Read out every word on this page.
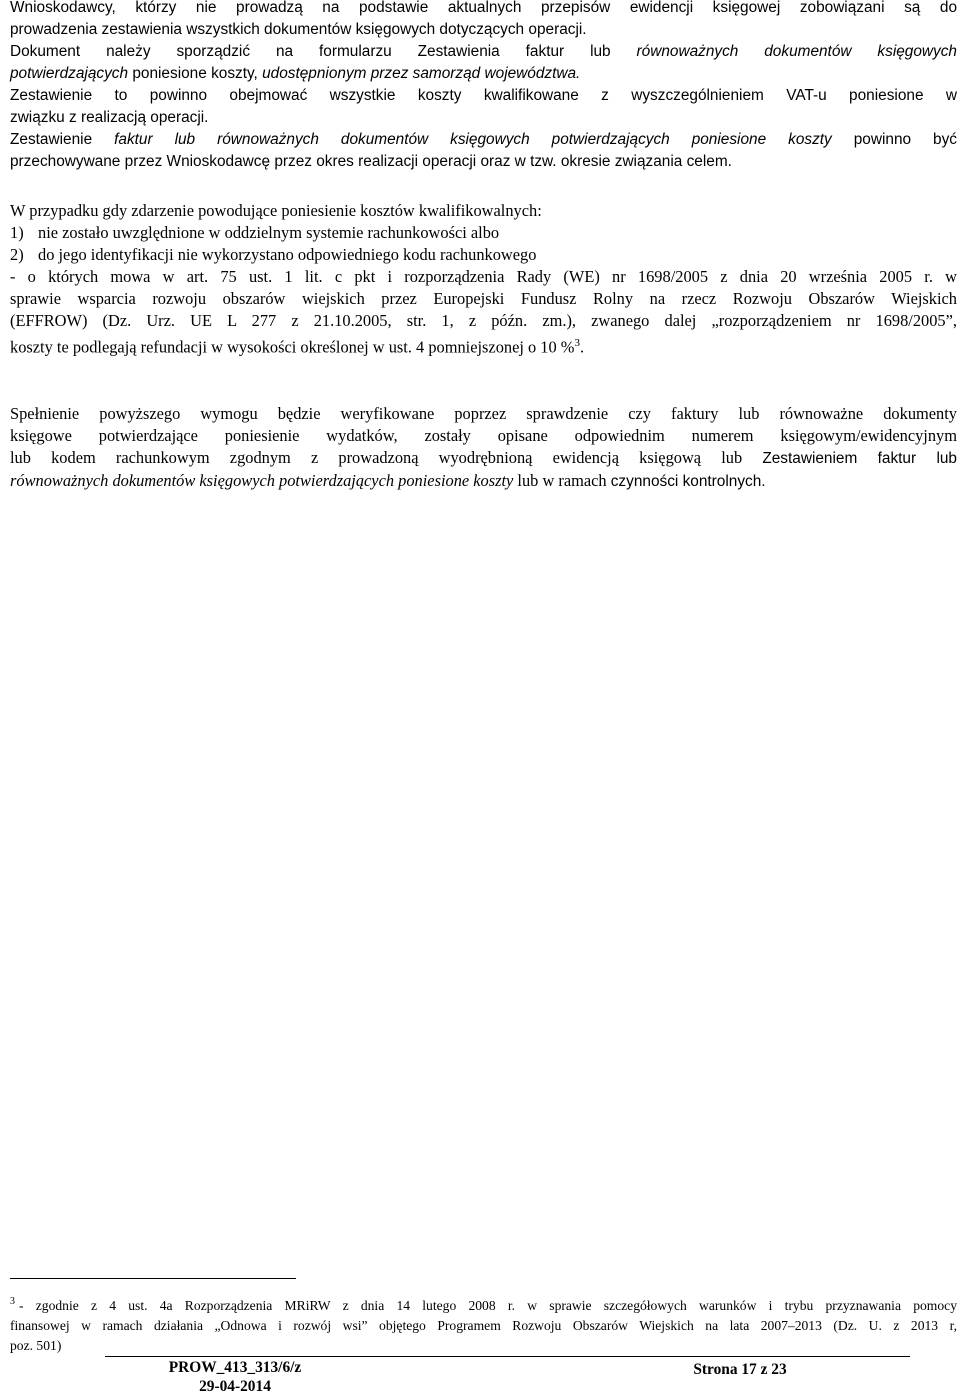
Wnioskodawcy, którzy nie prowadzą na podstawie aktualnych przepisów ewidencji księgowej zobowiązani są do
prowadzenia zestawienia wszystkich dokumentów księgowych dotyczących operacji.
Dokument należy sporządzić na formularzu Zestawienia faktur lub równoważnych dokumentów księgowych
potwierdzających poniesione koszty, udostępnionym przez samorząd województwa.
Zestawienie to powinno obejmować wszystkie koszty kwalifikowane z wyszczególnieniem VAT-u poniesione w
związku z realizacją operacji.
Zestawienie faktur lub równoważnych dokumentów księgowych potwierdzających poniesione koszty powinno być
przechowywane przez Wnioskodawcę przez okres realizacji operacji oraz w tzw. okresie związania celem.
W przypadku gdy zdarzenie powodujące poniesienie kosztów kwalifikowalnych:
1) nie zostało uwzględnione w oddzielnym systemie rachunkowości albo
2) do jego identyfikacji nie wykorzystano odpowiedniego kodu rachunkowego
- o których mowa w art. 75 ust. 1 lit. c pkt i rozporządzenia Rady (WE) nr 1698/2005 z dnia 20 września 2005 r. w
sprawie wsparcia rozwoju obszarów wiejskich przez Europejski Fundusz Rolny na rzecz Rozwoju Obszarów Wiejskich
(EFFROW) (Dz. Urz. UE L 277 z 21.10.2005, str. 1, z późn. zm.), zwanego dalej „rozporządzeniem nr 1698/2005”,
koszty te podlegają refundacji w wysokości określonej w ust. 4 pomniejszonej o 10 %$^3$.
Spełnienie powyższego wymogu będzie weryfikowane poprzez sprawdzenie czy faktury lub równoważne dokumenty
księgowe potwierdzające poniesienie wydatków, zostały opisane odpowiednim numerem księgowym/ewidencyjnym
lub kodem rachunkowym zgodnym z prowadzoną wyodrębnioną ewidencją księgową lub Zestawieniem faktur lub
równoważnych dokumentów księgowych potwierdzających poniesione koszty lub w ramach czynności kontrolnych.
$^3$ - zgodnie z 4 ust. 4a Rozporządzenia MRiRW z dnia 14 lutego 2008 r. w sprawie szczegółowych warunków i trybu przyznawania pomocy
finansowej w ramach działania „Odnowa i rozwój wsi” objętego Programem Rozwoju Obszarów Wiejskich na lata 2007–2013 (Dz. U. z 2013 r,
poz. 501)
PROW_413_313/6/z
29-04-2014
Strona 17 z 23
